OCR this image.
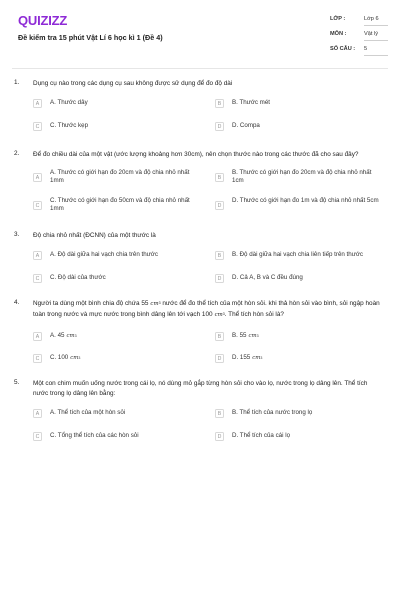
QUIZIZZ
Đề kiểm tra 15 phút Vật Lí 6 học kì 1 (Đề 4)
LỚP :	Lớp 6
MÔN :	Vật lý
SỐ CÂU : 5
1. Dụng cụ nào trong các dụng cụ sau không được sử dụng để đo độ dài
A	A. Thước dây	B	B. Thước mét
C	C. Thước kẹp	D	D. Compa
2. Để đo chiều dài của một vật (ước lượng khoảng hơn 30cm), nên chọn thước nào trong các thước đã cho sau đây?
A
A. Thước có giới hạn đo 20cm và độ chia nhỏ nhất 1mm	B
B. Thước có giới hạn đo 20cm và độ chia nhỏ nhất 1cm
C
C. Thước có giới hạn đo 50cm và độ chia nhỏ nhất 1mm	D
D. Thước có giới hạn đo 1m và độ chia nhỏ nhất 5cm
3. Độ chia nhỏ nhất (ĐCNN) của một thước là
A	A. Độ dài giữa hai vạch chia trên thước	B	B. Độ dài giữa hai vạch chia liên tiếp trên thước
C	C. Độ dài của thước	D	D. Cả A, B và C đều đúng
4. Người ta dùng một bình chia độ chứa 55 $cm^3$ nước để đo thể tích của một hòn sỏi. khi thả hòn sỏi vào bình, sỏi ngập hoàn toàn trong nước và mực nước trong bình dâng lên tới vạch 100 $cm^3$. Thể tích hòn sỏi là?
A	A. 45 $cm^3$	B	B. 55 $cm^3$
C	C. 100 $cm^3$	D	D. 155 $cm^3$
5. Một con chim muốn uống nước trong cái lọ, nó dùng mỏ gắp từng hòn sỏi cho vào lọ, nước trong lọ dâng lên. Thể tích nước trong lọ dâng lên bằng:
A	A. Thể tích của một hòn sỏi	B	B. Thể tích của nước trong lọ
C	C. Tổng thể tích của các hòn sỏi	D	D. Thể tích của cái lọ
